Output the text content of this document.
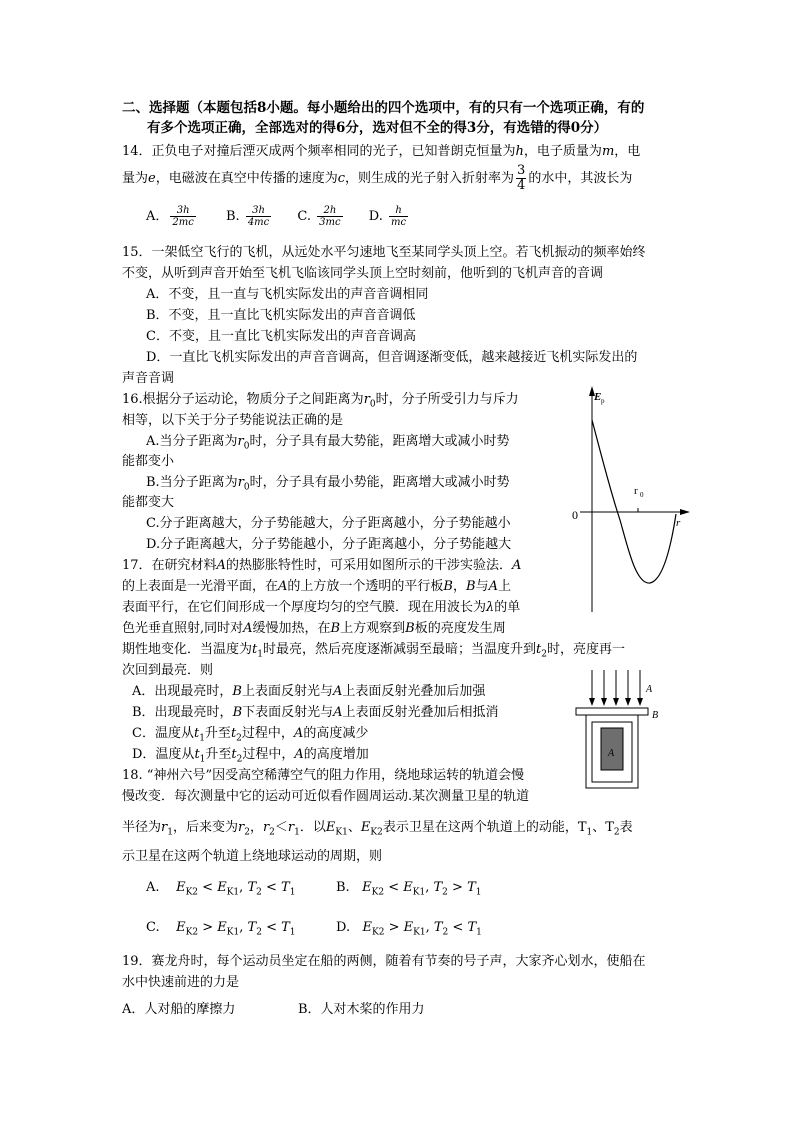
二、选择题（本题包括8小题。每小题给出的四个选项中，有的只有一个选项正确，有的
有多个选项正确，全部选对的得6分，选对但不全的得3分，有选错的得0分）
14．正负电子对撞后湮灭成两个频率相同的光子，已知普朗克恒量为h，电子质量为m，电
量为e，电磁波在真空中传播的速度为c，则生成的光子射入折射率为 $\frac{3}{4}$ 的水中，其波长为
A． $\frac{3h}{2mc} B$. $\frac{3h}{4mc} C$. $\frac{2h}{3mc} D$. $\frac{h}{mc}$
15．一架低空飞行的飞机，从远处水平匀速地飞至某同学头顶上空。若飞机振动的频率始终
不变，从听到声音开始至飞机飞临该同学头顶上空时刻前，他听到的飞机声音的音调
A．不变，且一直与飞机实际发出的声音音调相同
B．不变，且一直比飞机实际发出的声音音调低
C．不变，且一直比飞机实际发出的声音音调高
D．一直比飞机实际发出的声音音调高，但音调逐渐变低，越来越接近飞机实际发出的
声音音调
16.根据分子运动论，物质分子之间距离为$r_0$时，分子所受引力与斥力
相等，以下关于分子势能说法正确的是
A.当分子距离为$r_0$时，分子具有最大势能，距离增大或减小时势
能都变小
B.当分子距离为$r_0$时，分子具有最小势能，距离增大或减小时势
能都变大
C.分子距离越大，分子势能越大，分子距离越小，分子势能越小
D.分子距离越大，分子势能越小，分子距离越小，分子势能越大
E p
0
r
r 0
17．在研究材料A的热膨胀特性时，可采用如图所示的干涉实验法．A
的上表面是一光滑平面，在A的上方放一个透明的平行板B，B与A上
表面平行，在它们间形成一个厚度均匀的空气膜．现在用波长为λ的单
色光垂直照射,同时对A缓慢加热，在B上方观察到B板的亮度发生周
期性地变化．当温度为$t_1$时最亮，然后亮度逐渐减弱至最暗；当温度升到$t_2$时，亮度再一
次回到最亮．则
A．出现最亮时，B上表面反射光与A上表面反射光叠加后加强
B．出现最亮时，B下表面反射光与A上表面反射光叠加后相抵消
C．温度从$t_1$升至$t_2$过程中，A的高度减少
D．温度从$t_1$升至$t_2$过程中，A的高度增加
A
B
A
18. “神州六号”因受高空稀薄空气的阻力作用，绕地球运转的轨道会慢
慢改变．每次测量中它的运动可近似看作圆周运动.某次测量卫星的轨道
半径为$r_1$，后来变为$r_2$，$r_2<r_1$．以$E_{K1}$、$E_{K2}$表示卫星在这两个轨道上的动能，$T_1$、$T_2$表
示卫星在这两个轨道上绕地球运动的周期，则
A. $E_{K2} < E_{K1}$, $T_2 < T_1$	B. $E_{K2} < E_{K1}$, $T_2 > T_1$
C. $E_{K2} > E_{K1}$, $T_2 < T_1$	D. $E_{K2} > E_{K1}$, $T_2 < T_1$
19．赛龙舟时，每个运动员坐定在船的两侧，随着有节奏的号子声，大家齐心划水，使船在
水中快速前进的力是
A．人对船的摩擦力	B．人对木桨的作用力
